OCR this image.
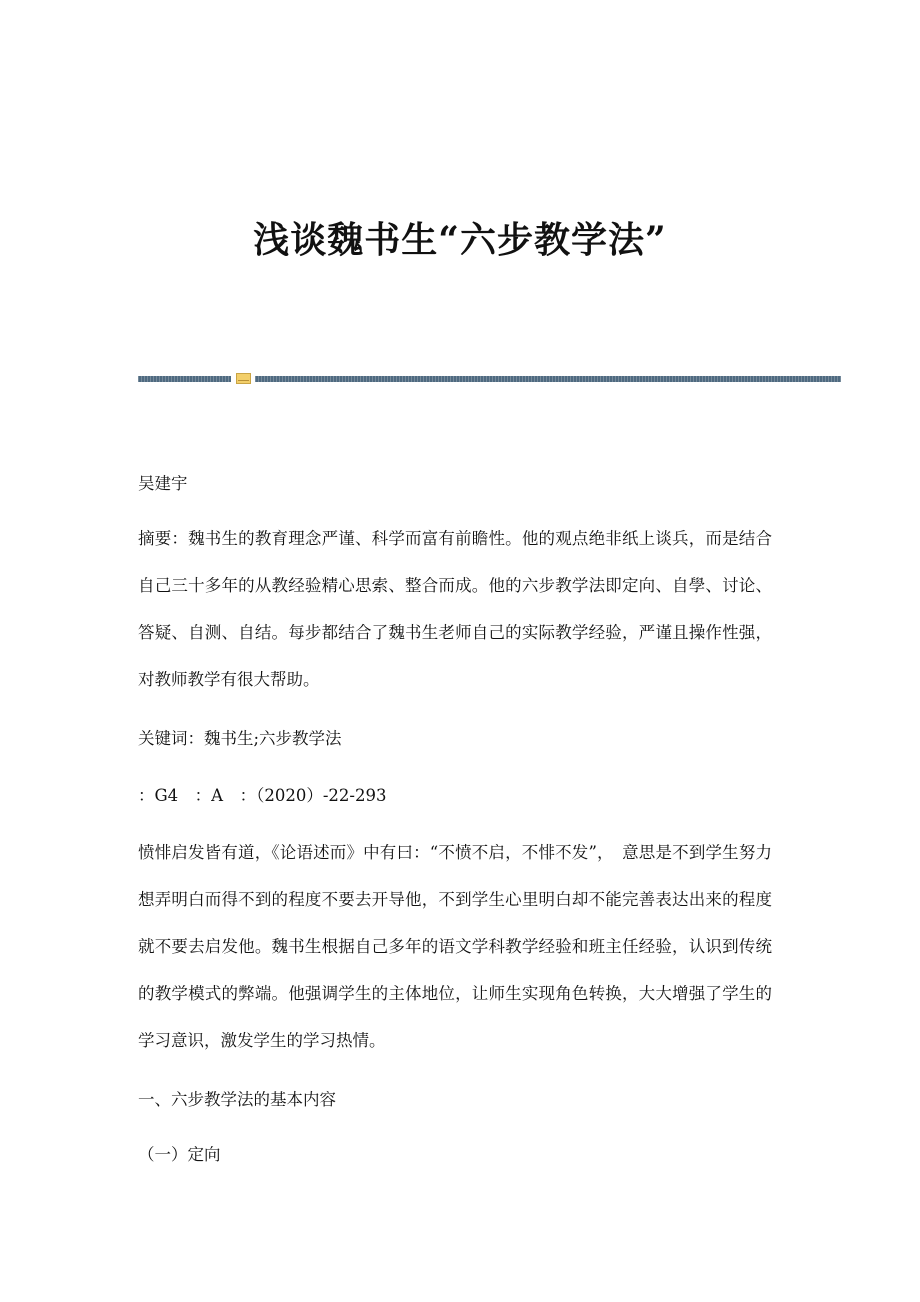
浅谈魏书生“六步教学法”

吴建宇

摘要：魏书生的教育理念严谨、科学而富有前瞻性。他的观点绝非纸上谈兵，而是结合自己三十多年的从教经验精心思索、整合而成。他的六步教学法即定向、自學、讨论、答疑、自测、自结。每步都结合了魏书生老师自己的实际教学经验，严谨且操作性强，对教师教学有很大帮助。

关键词：魏书生;六步教学法

：G4　：A　：（2020）-22-293

愤悱启发皆有道，《论语述而》中有曰：“不愤不启，不悱不发”，　意思是不到学生努力想弄明白而得不到的程度不要去开导他，不到学生心里明白却不能完善表达出来的程度就不要去启发他。魏书生根据自己多年的语文学科教学经验和班主任经验，认识到传统的教学模式的弊端。他强调学生的主体地位，让师生实现角色转换，大大增强了学生的学习意识，激发学生的学习热情。

一、六步教学法的基本内容

（一）定向
